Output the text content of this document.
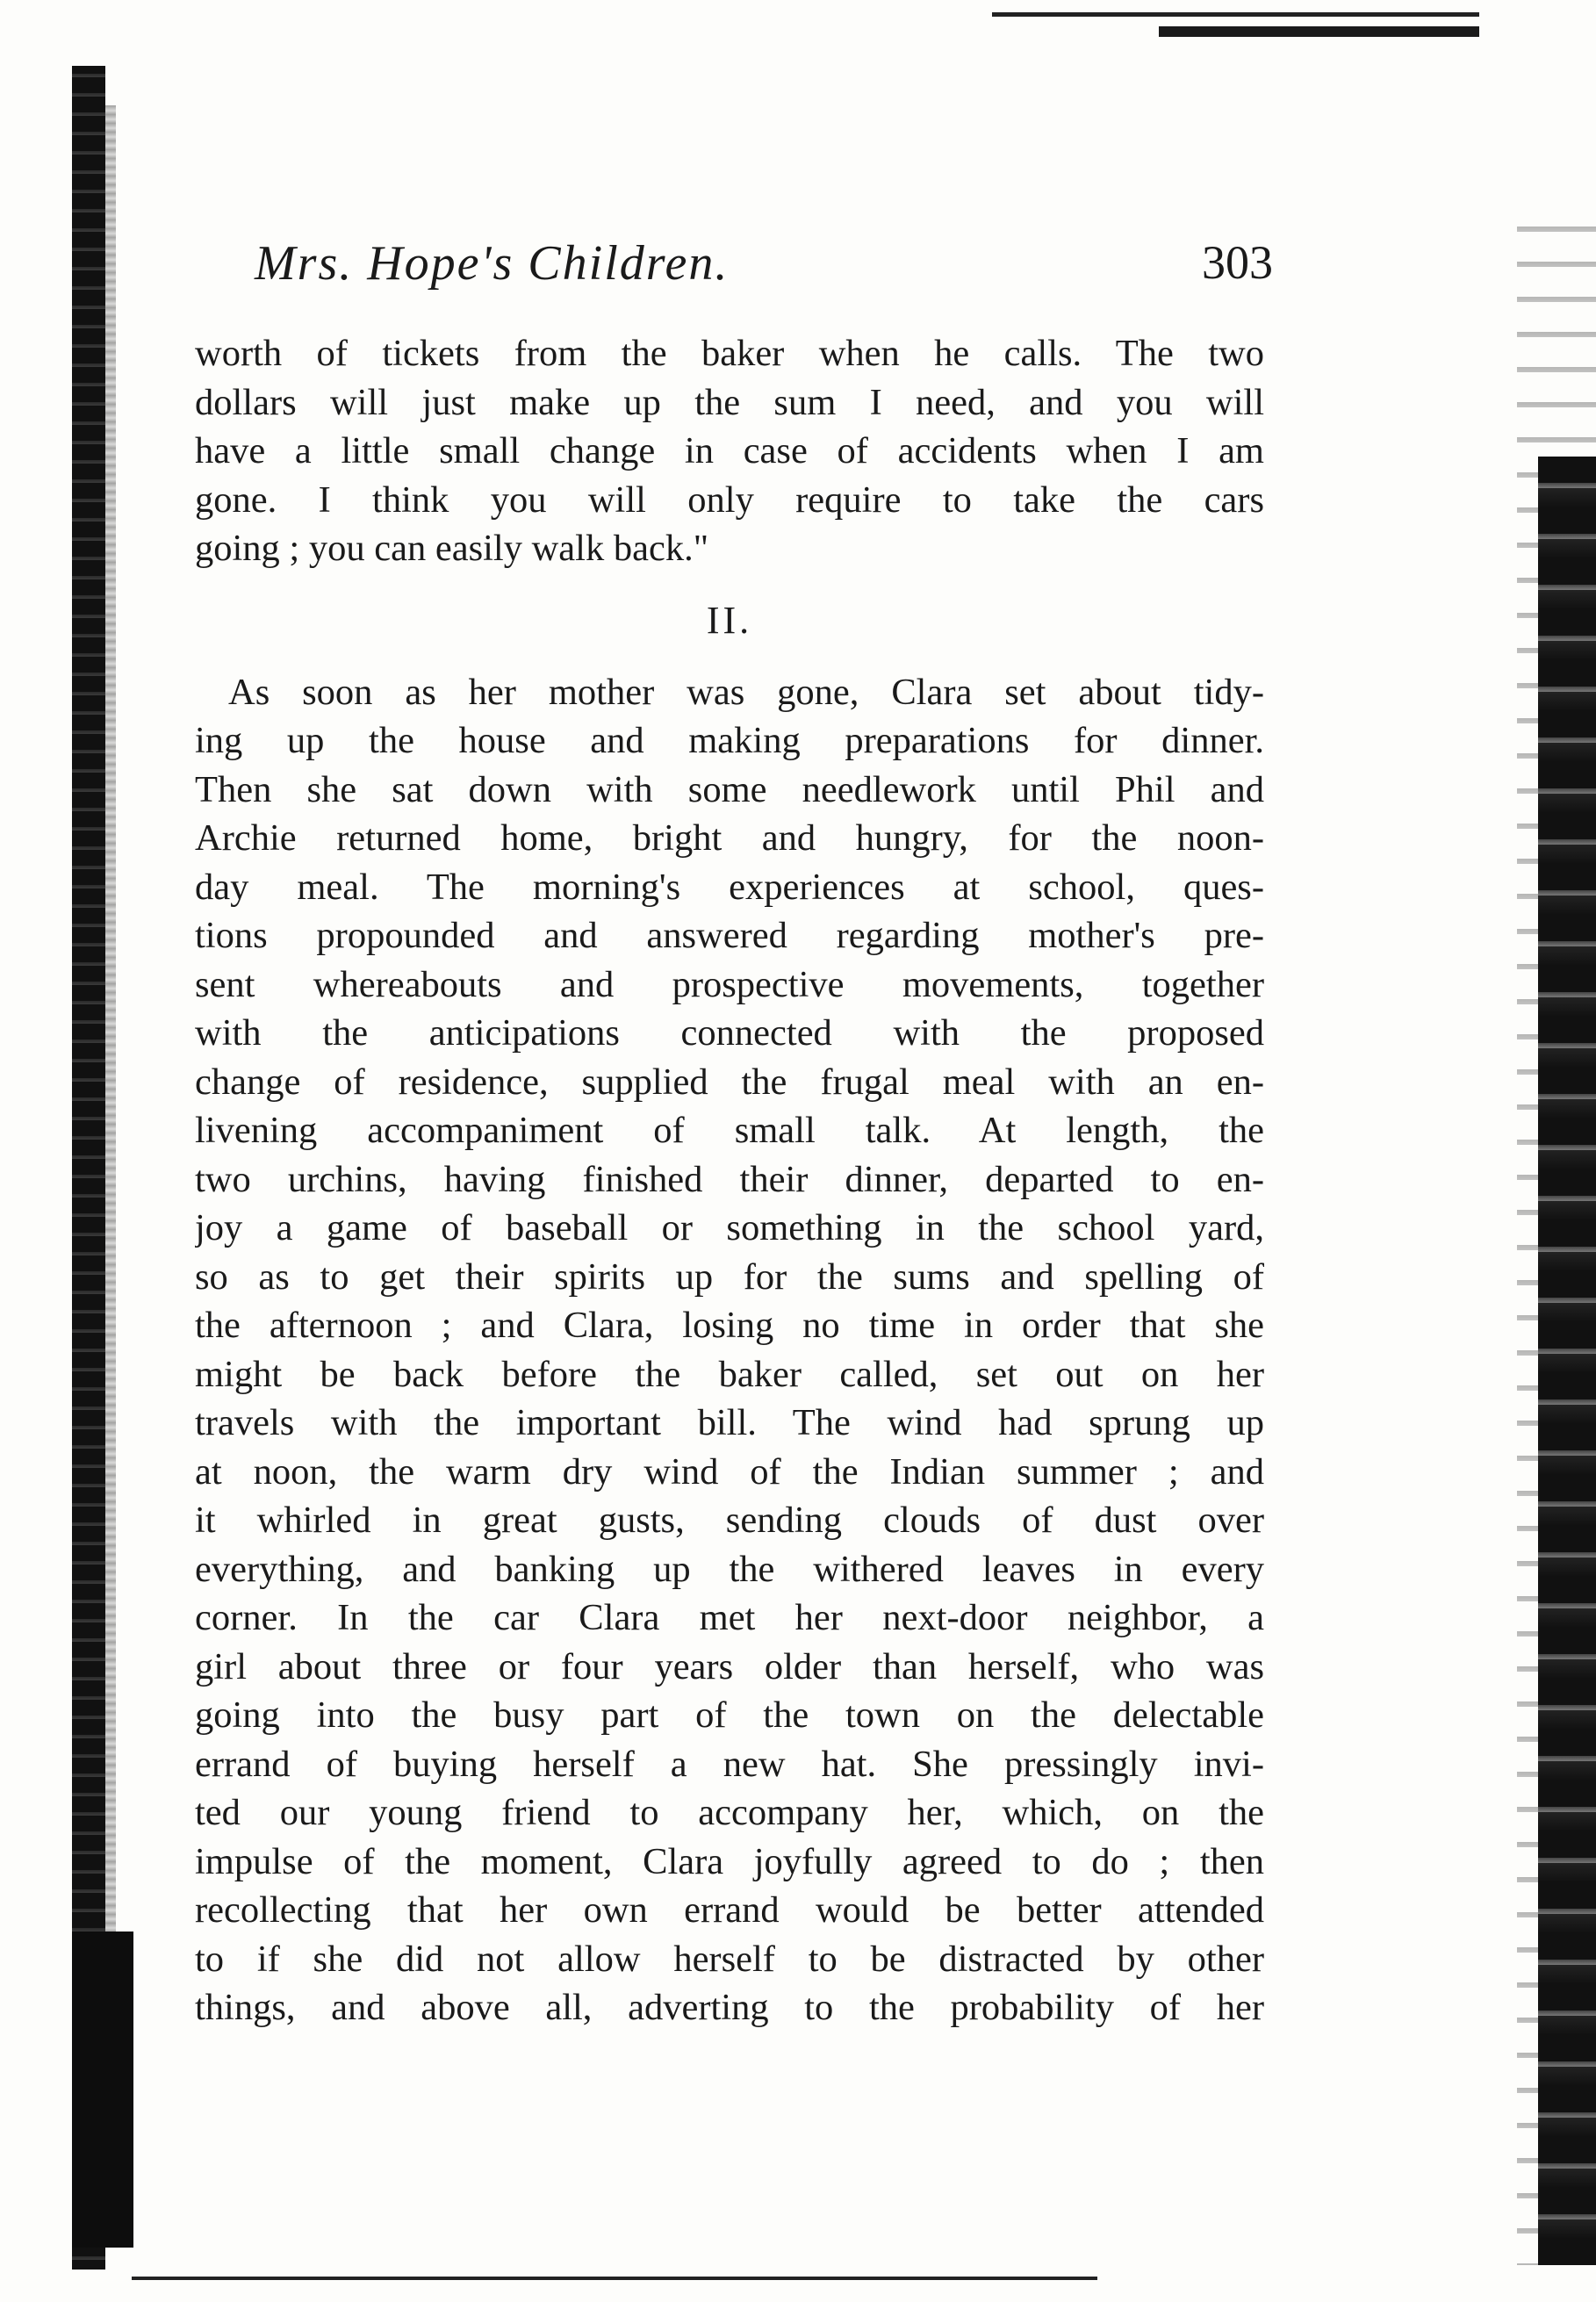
Mrs. Hope's Children.	303
worth of tickets from the baker when he calls. The two
dollars will just make up the sum I need, and you will
have a little small change in case of accidents when I am
gone. I think you will only require to take the cars
going ; you can easily walk back."
II.
As soon as her mother was gone, Clara set about tidy-
ing up the house and making preparations for dinner.
Then she sat down with some needlework until Phil and
Archie returned home, bright and hungry, for the noon-
day meal. The morning's experiences at school, ques-
tions propounded and answered regarding mother's pre-
sent whereabouts and prospective movements, together
with the anticipations connected with the proposed
change of residence, supplied the frugal meal with an en-
livening accompaniment of small talk. At length, the
two urchins, having finished their dinner, departed to en-
joy a game of baseball or something in the school yard,
so as to get their spirits up for the sums and spelling of
the afternoon ; and Clara, losing no time in order that she
might be back before the baker called, set out on her
travels with the important bill. The wind had sprung up
at noon, the warm dry wind of the Indian summer ; and
it whirled in great gusts, sending clouds of dust over
everything, and banking up the withered leaves in every
corner. In the car Clara met her next-door neighbor, a
girl about three or four years older than herself, who was
going into the busy part of the town on the delectable
errand of buying herself a new hat. She pressingly invi-
ted our young friend to accompany her, which, on the
impulse of the moment, Clara joyfully agreed to do ; then
recollecting that her own errand would be better attended
to if she did not allow herself to be distracted by other
things, and above all, adverting to the probability of her
